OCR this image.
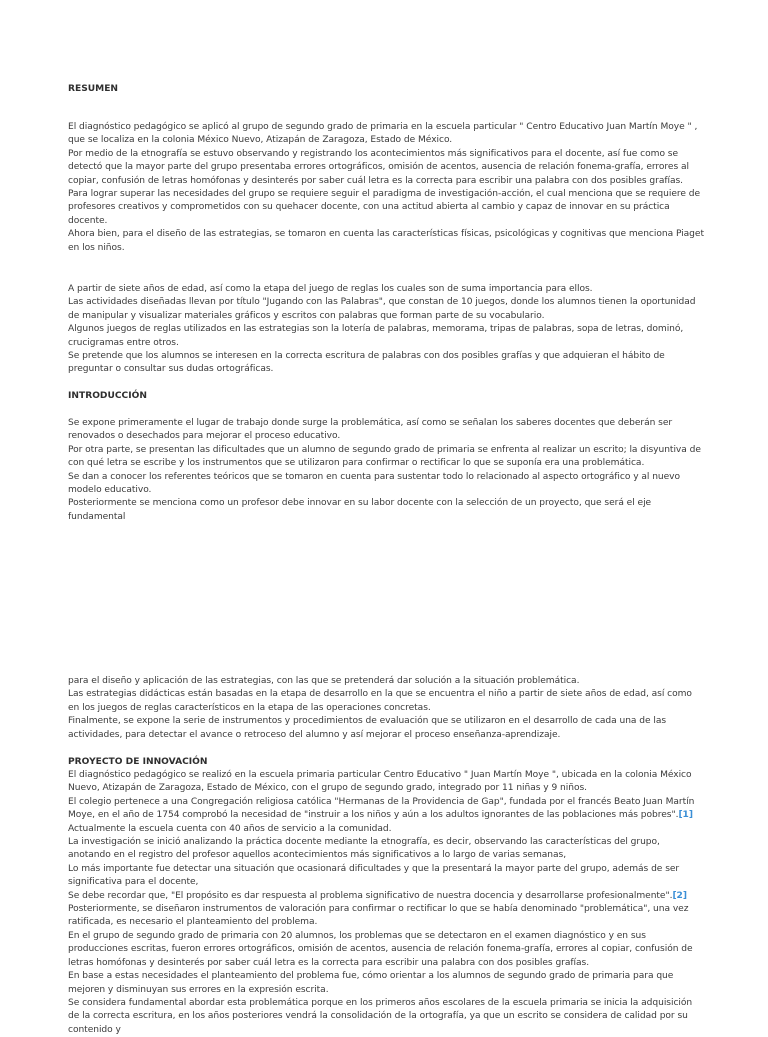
RESUMEN

El diagnóstico pedagógico se aplicó al grupo de segundo grado de primaria en la escuela particular " Centro Educativo Juan Martín Moye " , que se localiza en la colonia México Nuevo, Atizapán de Zaragoza, Estado de México.

Por medio de la etnografía se estuvo observando y registrando los acontecimientos más significativos para el docente, así fue como se detectó que la mayor parte del grupo presentaba errores ortográficos, omisión de acentos, ausencia de relación fonema-grafía, errores al copiar, confusión de letras homófonas y desinterés por saber cuál letra es la correcta para escribir una palabra con dos posibles grafías.

Para lograr superar las necesidades del grupo se requiere seguir el paradigma de investigación-acción, el cual menciona que se requiere de profesores creativos y comprometidos con su quehacer docente, con una actitud abierta al cambio y capaz de innovar en su práctica docente.

Ahora bien, para el diseño de las estrategias, se tomaron en cuenta las características físicas, psicológicas y cognitivas que menciona Piaget en los niños.

A partir de siete años de edad, así como la etapa del juego de reglas los cuales son de suma importancia para ellos.

Las actividades diseñadas llevan por título "Jugando con las Palabras", que constan de 10 juegos, donde los alumnos tienen la oportunidad de manipular y visualizar materiales gráficos y escritos con palabras que forman parte de su vocabulario.

Algunos juegos de reglas utilizados en las estrategias son la lotería de palabras, memorama, tripas de palabras, sopa de letras, dominó, crucigramas entre otros.

Se pretende que los alumnos se interesen en la correcta escritura de palabras con dos posibles grafías y que adquieran el hábito de preguntar o consultar sus dudas ortográficas.

INTRODUCCIÓN

Se expone primeramente el lugar de trabajo donde surge la problemática, así como se señalan los saberes docentes que deberán ser renovados o desechados para mejorar el proceso educativo.

Por otra parte, se presentan las dificultades que un alumno de segundo grado de primaria se enfrenta al realizar un escrito; la disyuntiva de con qué letra se escribe y los instrumentos que se utilizaron para confirmar o rectificar lo que se suponía era una problemática.

Se dan a conocer los referentes teóricos que se tomaron en cuenta para sustentar todo lo relacionado al aspecto ortográfico y al nuevo modelo educativo.

Posteriormente se menciona como un profesor debe innovar en su labor docente con la selección de un proyecto, que será el eje fundamental

para el diseño y aplicación de las estrategias, con las que se pretenderá dar solución a la situación problemática.

Las estrategias didácticas están basadas en la etapa de desarrollo en la que se encuentra el niño a partir de siete años de edad, así como en los juegos de reglas característicos en la etapa de las operaciones concretas.

Finalmente, se expone la serie de instrumentos y procedimientos de evaluación que se utilizaron en el desarrollo de cada una de las actividades, para detectar el avance o retroceso del alumno y así mejorar el proceso enseñanza-aprendizaje.

PROYECTO DE INNOVACIÓN

El diagnóstico pedagógico se realizó en la escuela primaria particular Centro Educativo " Juan Martín Moye ", ubicada en la colonia México Nuevo, Atizapán de Zaragoza, Estado de México, con el grupo de segundo grado, integrado por 11 niñas y 9 niños.

El colegio pertenece a una Congregación religiosa católica "Hermanas de la Providencia de Gap", fundada por el francés Beato Juan Martín Moye, en el año de 1754 comprobó la necesidad de "instruir a los niños y aún a los adultos ignorantes de las poblaciones más pobres".[1]

Actualmente la escuela cuenta con 40 años de servicio a la comunidad.

La investigación se inició analizando la práctica docente mediante la etnografía, es decir, observando las características del grupo, anotando en el registro del profesor aquellos acontecimientos más significativos a lo largo de varias semanas,

Lo más importante fue detectar una situación que ocasionará dificultades y que la presentará la mayor parte del grupo, además de ser significativa para el docente,

Se debe recordar que, "El propósito es dar respuesta al problema significativo de nuestra docencia y desarrollarse profesionalmente".[2]

Posteriormente, se diseñaron instrumentos de valoración para confirmar o rectificar lo que se había denominado "problemática", una vez ratificada, es necesario el planteamiento del problema.

En el grupo de segundo grado de primaria con 20 alumnos, los problemas que se detectaron en el examen diagnóstico y en sus producciones escritas, fueron errores ortográficos, omisión de acentos, ausencia de relación fonema-grafía, errores al copiar, confusión de letras homófonas y desinterés por saber cuál letra es la correcta para escribir una palabra con dos posibles grafías.

En base a estas necesidades el planteamiento del problema fue, cómo orientar a los alumnos de segundo grado de primaria para que mejoren y disminuyan sus errores en la expresión escrita.

Se considera fundamental abordar esta problemática porque en los primeros años escolares de la escuela primaria se inicia la adquisición de la correcta escritura, en los años posteriores vendrá la consolidación de la ortografía, ya que un escrito se considera de calidad por su contenido y
